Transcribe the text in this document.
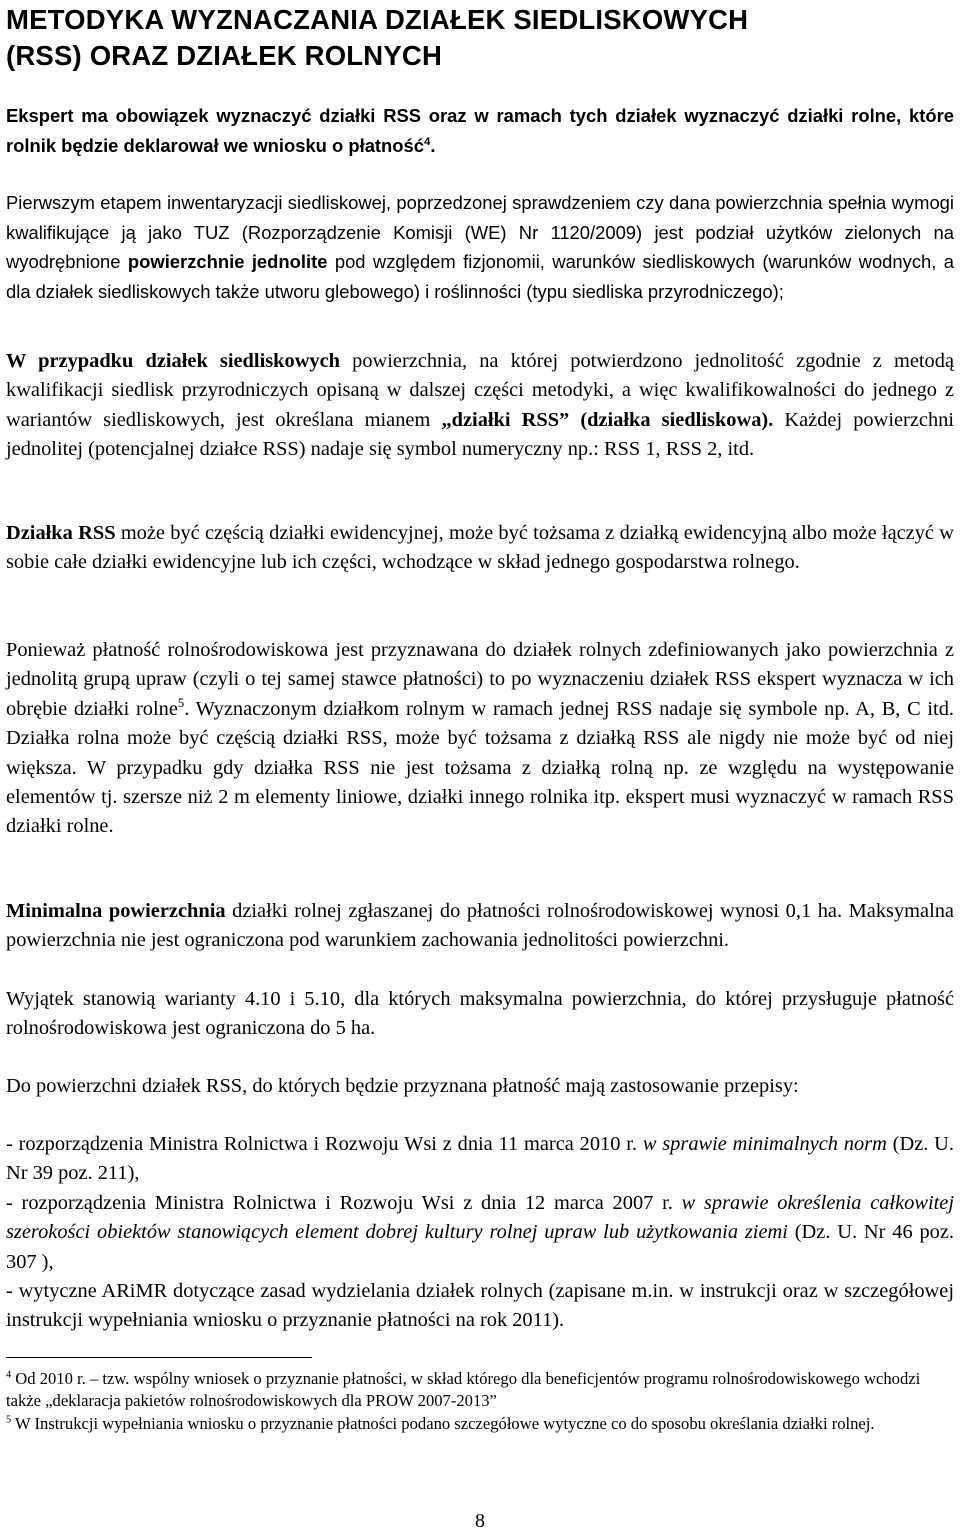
METODYKA WYZNACZANIA DZIAŁEK SIEDLISKOWYCH
(RSS) ORAZ DZIAŁEK ROLNYCH

Ekspert ma obowiązek wyznaczyć działki RSS oraz w ramach tych działek wyznaczyć działki rolne, które rolnik będzie deklarował we wniosku o płatność$^4$.

Pierwszym etapem inwentaryzacji siedliskowej, poprzedzonej sprawdzeniem czy dana powierzchnia spełnia wymogi kwalifikujące ją jako TUZ (Rozporządzenie Komisji (WE) Nr 1120/2009) jest podział użytków zielonych na wyodrębnione powierzchnie jednolite pod względem fizjonomii, warunków siedliskowych (warunków wodnych, a dla działek siedliskowych także utworu glebowego) i roślinności (typu siedliska przyrodniczego);

W przypadku działek siedliskowych powierzchnia, na której potwierdzono jednolitość zgodnie z metodą kwalifikacji siedlisk przyrodniczych opisaną w dalszej części metodyki, a więc kwalifikowalności do jednego z wariantów siedliskowych, jest określana mianem „działki RSS” (działka siedliskowa). Każdej powierzchni jednolitej (potencjalnej działce RSS) nadaje się symbol numeryczny np.: RSS 1, RSS 2, itd.

Działka RSS może być częścią działki ewidencyjnej, może być tożsama z działką ewidencyjną albo może łączyć w sobie całe działki ewidencyjne lub ich części, wchodzące w skład jednego gospodarstwa rolnego.

Ponieważ płatność rolnośrodowiskowa jest przyznawana do działek rolnych zdefiniowanych jako powierzchnia z jednolitą grupą upraw (czyli o tej samej stawce płatności) to po wyznaczeniu działek RSS ekspert wyznacza w ich obrębie działki rolne$^5$. Wyznaczonym działkom rolnym w ramach jednej RSS nadaje się symbole np. A, B, C itd. Działka rolna może być częścią działki RSS, może być tożsama z działką RSS ale nigdy nie może być od niej większa. W przypadku gdy działka RSS nie jest tożsama z działką rolną np. ze względu na występowanie elementów tj. szersze niż 2 m elementy liniowe, działki innego rolnika itp. ekspert musi wyznaczyć w ramach RSS działki rolne.

Minimalna powierzchnia działki rolnej zgłaszanej do płatności rolnośrodowiskowej wynosi 0,1 ha. Maksymalna powierzchnia nie jest ograniczona pod warunkiem zachowania jednolitości powierzchni.

Wyjątek stanowią warianty 4.10 i 5.10, dla których maksymalna powierzchnia, do której przysługuje płatność rolnośrodowiskowa jest ograniczona do 5 ha.

Do powierzchni działek RSS, do których będzie przyznana płatność mają zastosowanie przepisy:

- rozporządzenia Ministra Rolnictwa i Rozwoju Wsi z dnia 11 marca 2010 r. w sprawie minimalnych norm (Dz. U. Nr 39 poz. 211),

- rozporządzenia Ministra Rolnictwa i Rozwoju Wsi z dnia 12 marca 2007 r. w sprawie określenia całkowitej szerokości obiektów stanowiących element dobrej kultury rolnej upraw lub użytkowania ziemi (Dz. U. Nr 46 poz. 307 ),

- wytyczne ARiMR dotyczące zasad wydzielania działek rolnych (zapisane m.in. w instrukcji oraz w szczegółowej instrukcji wypełniania wniosku o przyznanie płatności na rok 2011).

$^4$ Od 2010 r. – tzw. wspólny wniosek o przyznanie płatności, w skład którego dla beneficjentów programu rolnośrodowiskowego wchodzi także „deklaracja pakietów rolnośrodowiskowych dla PROW 2007-2013”

$^5$ W Instrukcji wypełniania wniosku o przyznanie płatności podano szczegółowe wytyczne co do sposobu określania działki rolnej.

8
